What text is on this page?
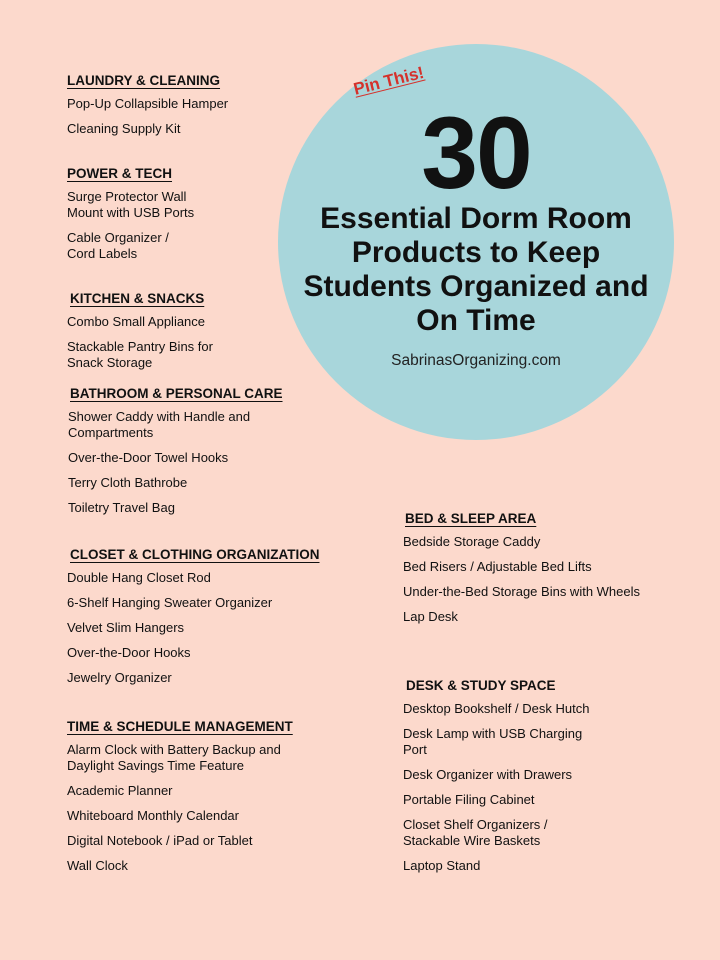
Pin This!
30
Essential Dorm Room Products to Keep Students Organized and On Time
SabrinasOrganizing.com
LAUNDRY & CLEANING
Pop-Up Collapsible Hamper
Cleaning Supply Kit
POWER & TECH
Surge Protector Wall
Mount with USB Ports
Cable Organizer /
Cord Labels
KITCHEN & SNACKS
Combo Small Appliance
Stackable Pantry Bins for
Snack Storage
BATHROOM & PERSONAL CARE
Shower Caddy with Handle and
Compartments
Over-the-Door Towel Hooks
Terry Cloth Bathrobe
Toiletry Travel Bag
CLOSET & CLOTHING ORGANIZATION
Double Hang Closet Rod
6-Shelf Hanging Sweater Organizer
Velvet Slim Hangers
Over-the-Door Hooks
Jewelry Organizer
TIME & SCHEDULE MANAGEMENT
Alarm Clock with Battery Backup and
Daylight Savings Time Feature
Academic Planner
Whiteboard Monthly Calendar
Digital Notebook / iPad or Tablet
Wall Clock
BED & SLEEP AREA
Bedside Storage Caddy
Bed Risers / Adjustable Bed Lifts
Under-the-Bed Storage Bins with Wheels
Lap Desk
DESK & STUDY SPACE
Desktop Bookshelf / Desk Hutch
Desk Lamp with USB Charging
Port
Desk Organizer with Drawers
Portable Filing Cabinet
Closet Shelf Organizers /
Stackable Wire Baskets
Laptop Stand
